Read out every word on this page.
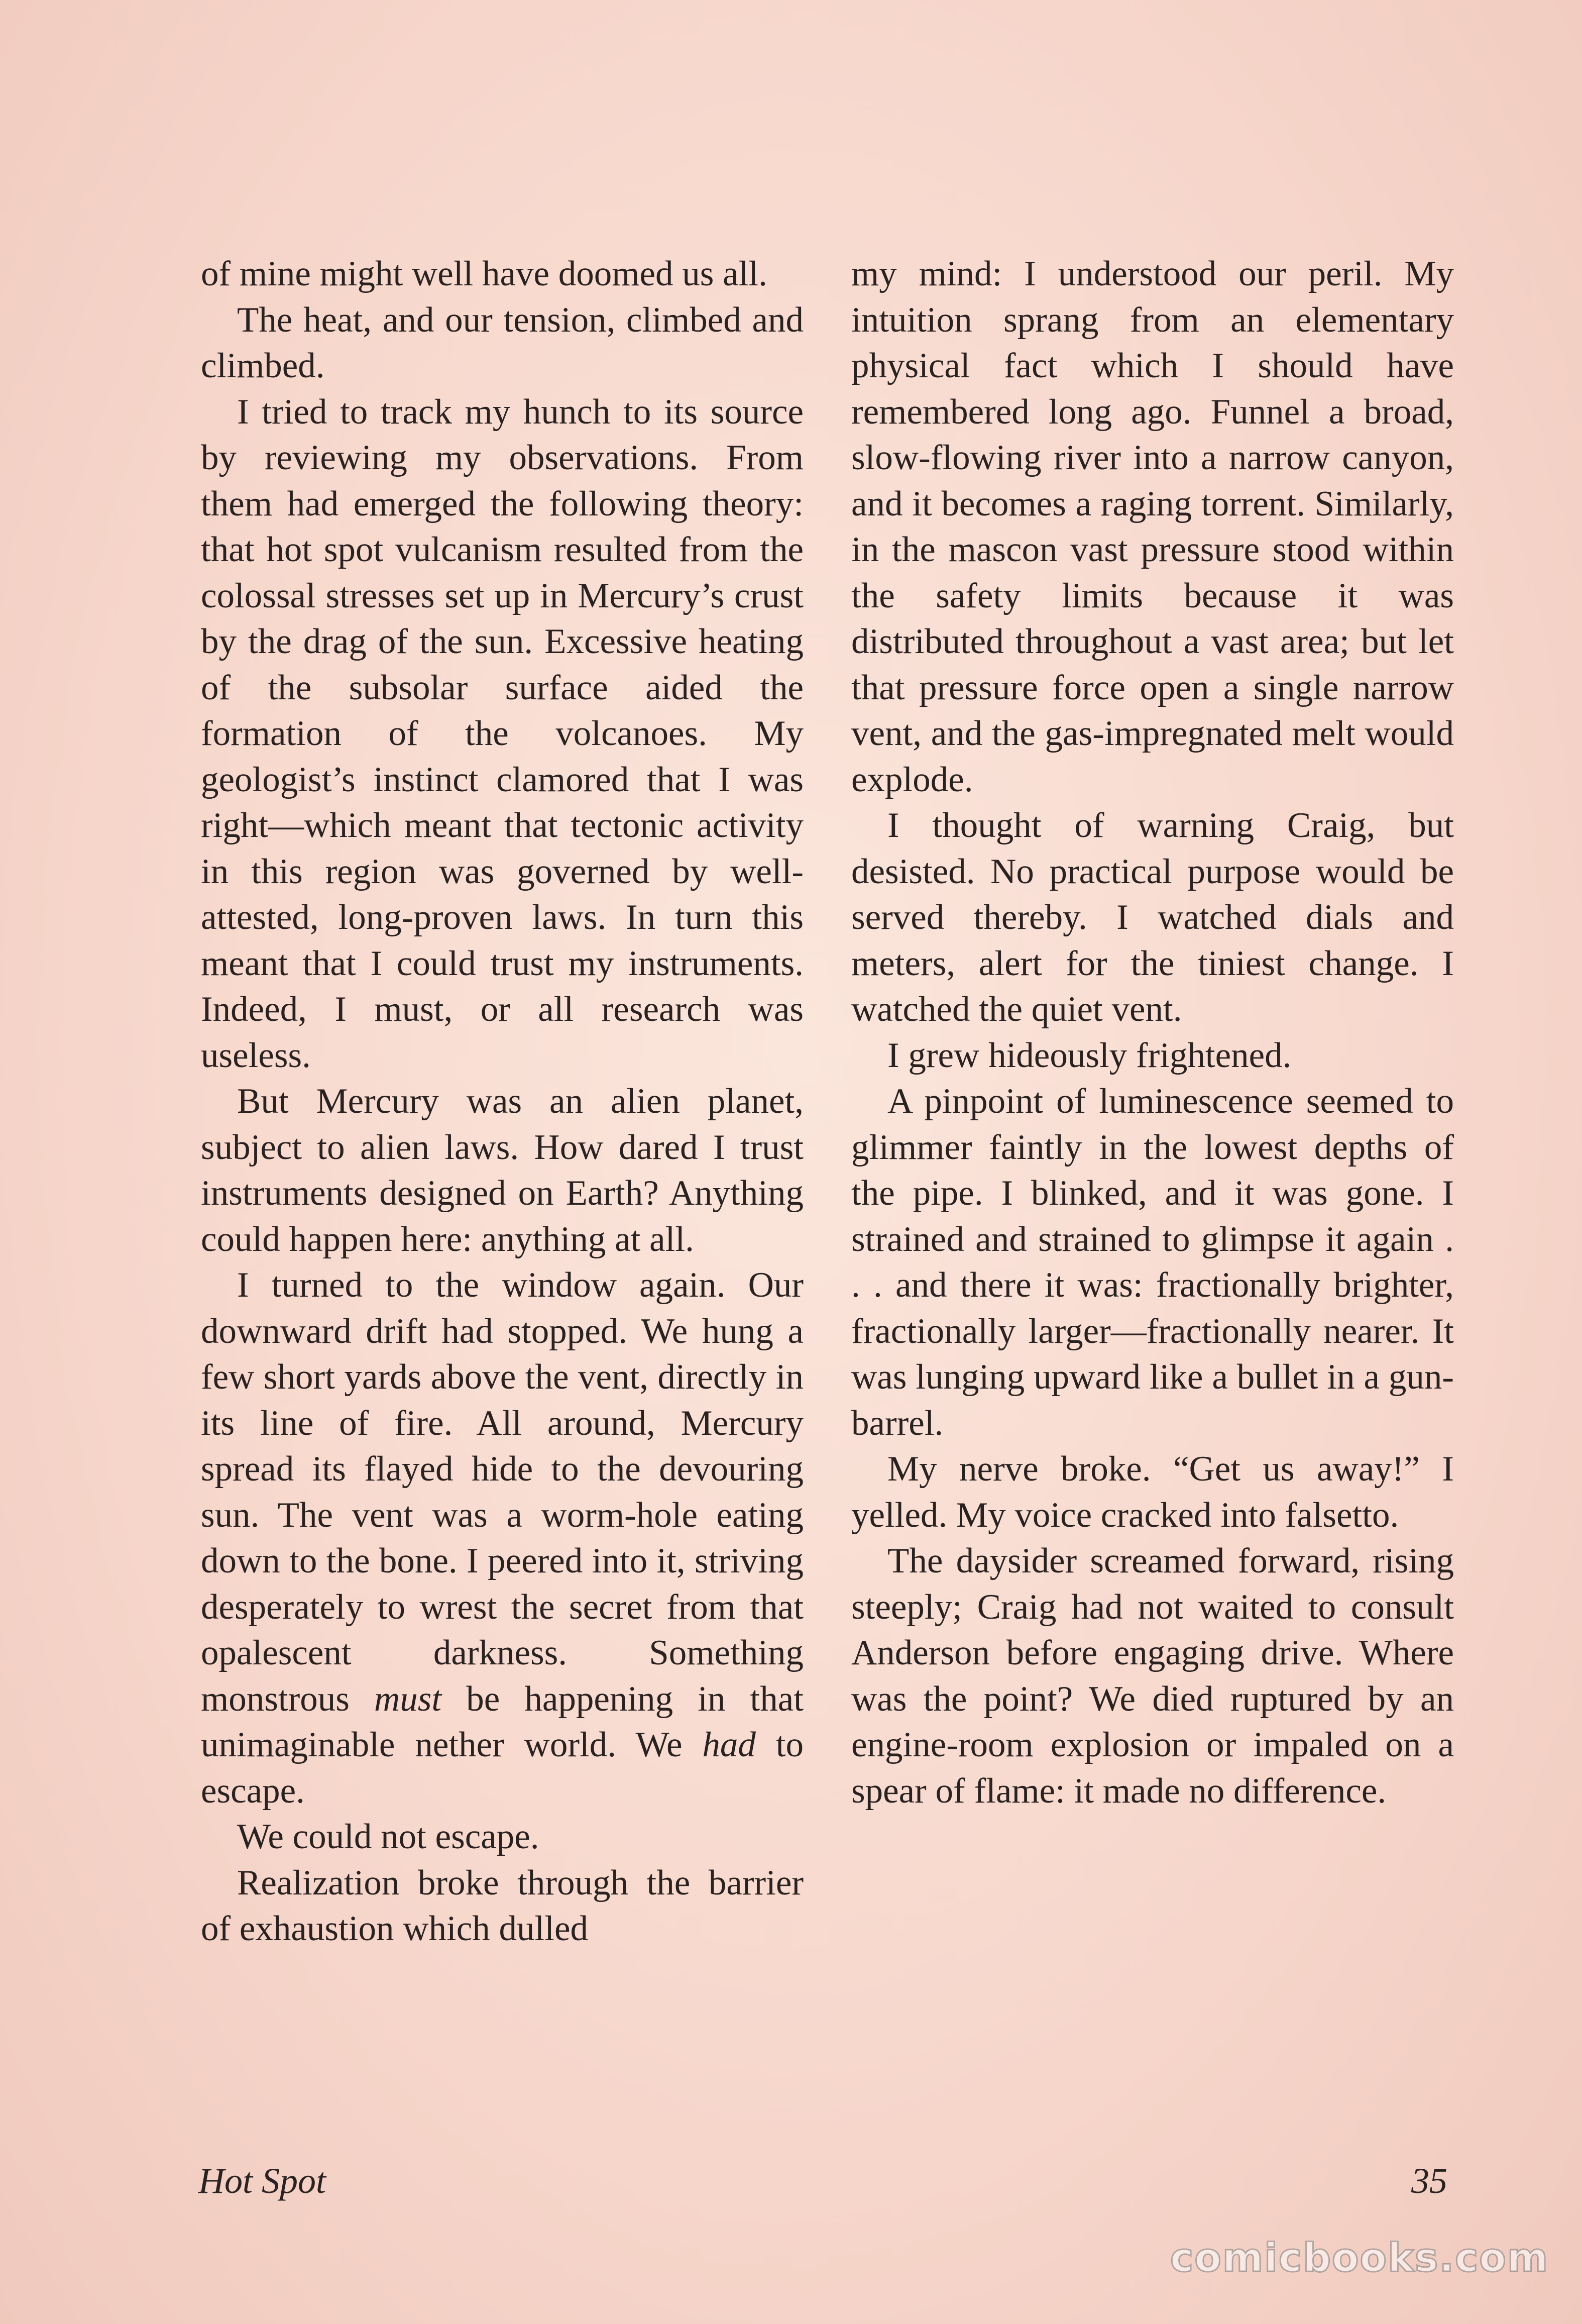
of mine might well have doomed us all.

The heat, and our tension, climbed and climbed.

I tried to track my hunch to its source by reviewing my observations. From them had emerged the following theory: that hot spot vulcanism resulted from the colossal stresses set up in Mercury’s crust by the drag of the sun. Excessive heating of the subsolar surface aided the formation of the volcanoes. My geologist’s instinct clamored that I was right—which meant that tectonic activity in this region was governed by well-attested, long-proven laws. In turn this meant that I could trust my instruments. Indeed, I must, or all research was useless.

But Mercury was an alien planet, subject to alien laws. How dared I trust instruments designed on Earth? Anything could happen here: anything at all.

I turned to the window again. Our downward drift had stopped. We hung a few short yards above the vent, directly in its line of fire. All around, Mercury spread its flayed hide to the devouring sun. The vent was a worm-hole eating down to the bone. I peered into it, striving desperately to wrest the secret from that opalescent darkness. Something monstrous must be happening in that unimaginable nether world. We had to escape.

We could not escape.

Realization broke through the barrier of exhaustion which dulled

my mind: I understood our peril. My intuition sprang from an elementary physical fact which I should have remembered long ago. Funnel a broad, slow-flowing river into a narrow canyon, and it becomes a raging torrent. Similarly, in the mascon vast pressure stood within the safety limits because it was distributed throughout a vast area; but let that pressure force open a single narrow vent, and the gas-impregnated melt would explode.

I thought of warning Craig, but desisted. No practical purpose would be served thereby. I watched dials and meters, alert for the tiniest change. I watched the quiet vent.

I grew hideously frightened.

A pinpoint of luminescence seemed to glimmer faintly in the lowest depths of the pipe. I blinked, and it was gone. I strained and strained to glimpse it again . . . and there it was: fractionally brighter, fractionally larger—fractionally nearer. It was lunging upward like a bullet in a gun-barrel.

My nerve broke. “Get us away!” I yelled. My voice cracked into falsetto.

The daysider screamed forward, rising steeply; Craig had not waited to consult Anderson before engaging drive. Where was the point? We died ruptured by an engine-room explosion or impaled on a spear of flame: it made no difference.

Hot Spot	35
comicbooks.com
